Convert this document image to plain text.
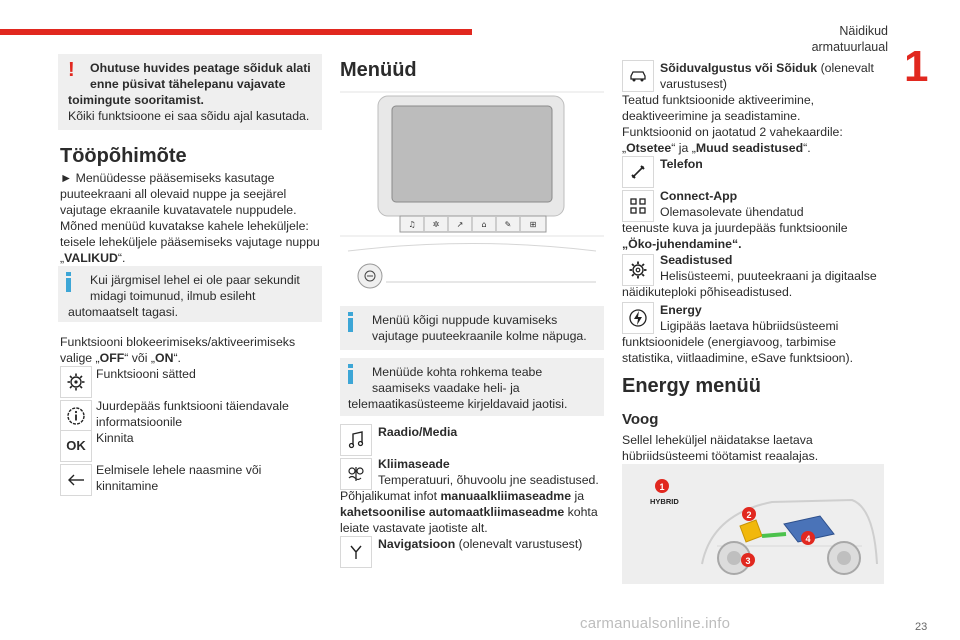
Näidikud armatuurlaual 1
23
carmanualsonline.info
! Ohutuse huvides peatage sõiduk alati

enne püsivat tähelepanu vajavate

toimingute sooritamist.

Kõiki funktsioone ei saa sõidu ajal kasutada.

Tööpõhimõte
► Menüüdesse pääsemiseks kasutage
puuteekraani all olevaid nuppe ja seejärel
vajutage ekraanile kuvatavatele nuppudele.
Mõned menüüd kuvatakse kahele leheküljele:
teisele leheküljele pääsemiseks vajutage nuppu
„VALIKUD“.

Kui järgmisel lehel ei ole paar sekundit

midagi toimunud, ilmub esileht

automaatselt tagasi.

Funktsiooni blokeerimiseks/aktiveerimiseks
valige „OFF“ või „ON“.
Funktsiooni sätted
Juurdepääs funktsiooni täiendavale
informatsioonile
OK Kinnita
Eelmisele lehele naasmine või
kinnitamine
Menüüd
♫ ✲ ↗ ⌂ ✎ ⊞

Menüü kõigi nuppude kuvamiseks

vajutage puuteekraanile kolme näpuga.

Menüüde kohta rohkema teabe

saamiseks vaadake heli- ja

telemaatikasüsteeme kirjeldavaid jaotisi.

Raadio/Media
Kliimaseade
Temperatuuri, õhuvoolu jne seadistused.
Põhjalikumat infot manuaalkliimaseadme ja
kahetsoonilise automaatkliimaseadme kohta
leiate vastavate jaotiste alt.
Navigatsioon (olenevalt varustusest)
Sõiduvalgustus või Sõiduk (olenevalt
varustusest)
Teatud funktsioonide aktiveerimine,
deaktiveerimine ja seadistamine.
Funktsioonid on jaotatud 2 vahekaardile:
„Otsetee“ ja „Muud seadistused“.
Telefon
Connect-App
Olemasolevate ühendatud
teenuste kuva ja juurdepääs funktsioonile
„Öko-juhendamine“.
Seadistused
Helisüsteemi, puuteekraani ja digitaalse
näidikuteploki põhiseadistused.
Energy
Ligipääs laetava hübriidsüsteemi
funktsioonidele (energiavoog, tarbimise
statistika, viitlaadimine, eSave funktsioon).
Energy menüü
Voog
Sellel leheküljel näidatakse laetava
hübriidsüsteemi töötamist reaalajas.
1
HYBRID
2
3
4
